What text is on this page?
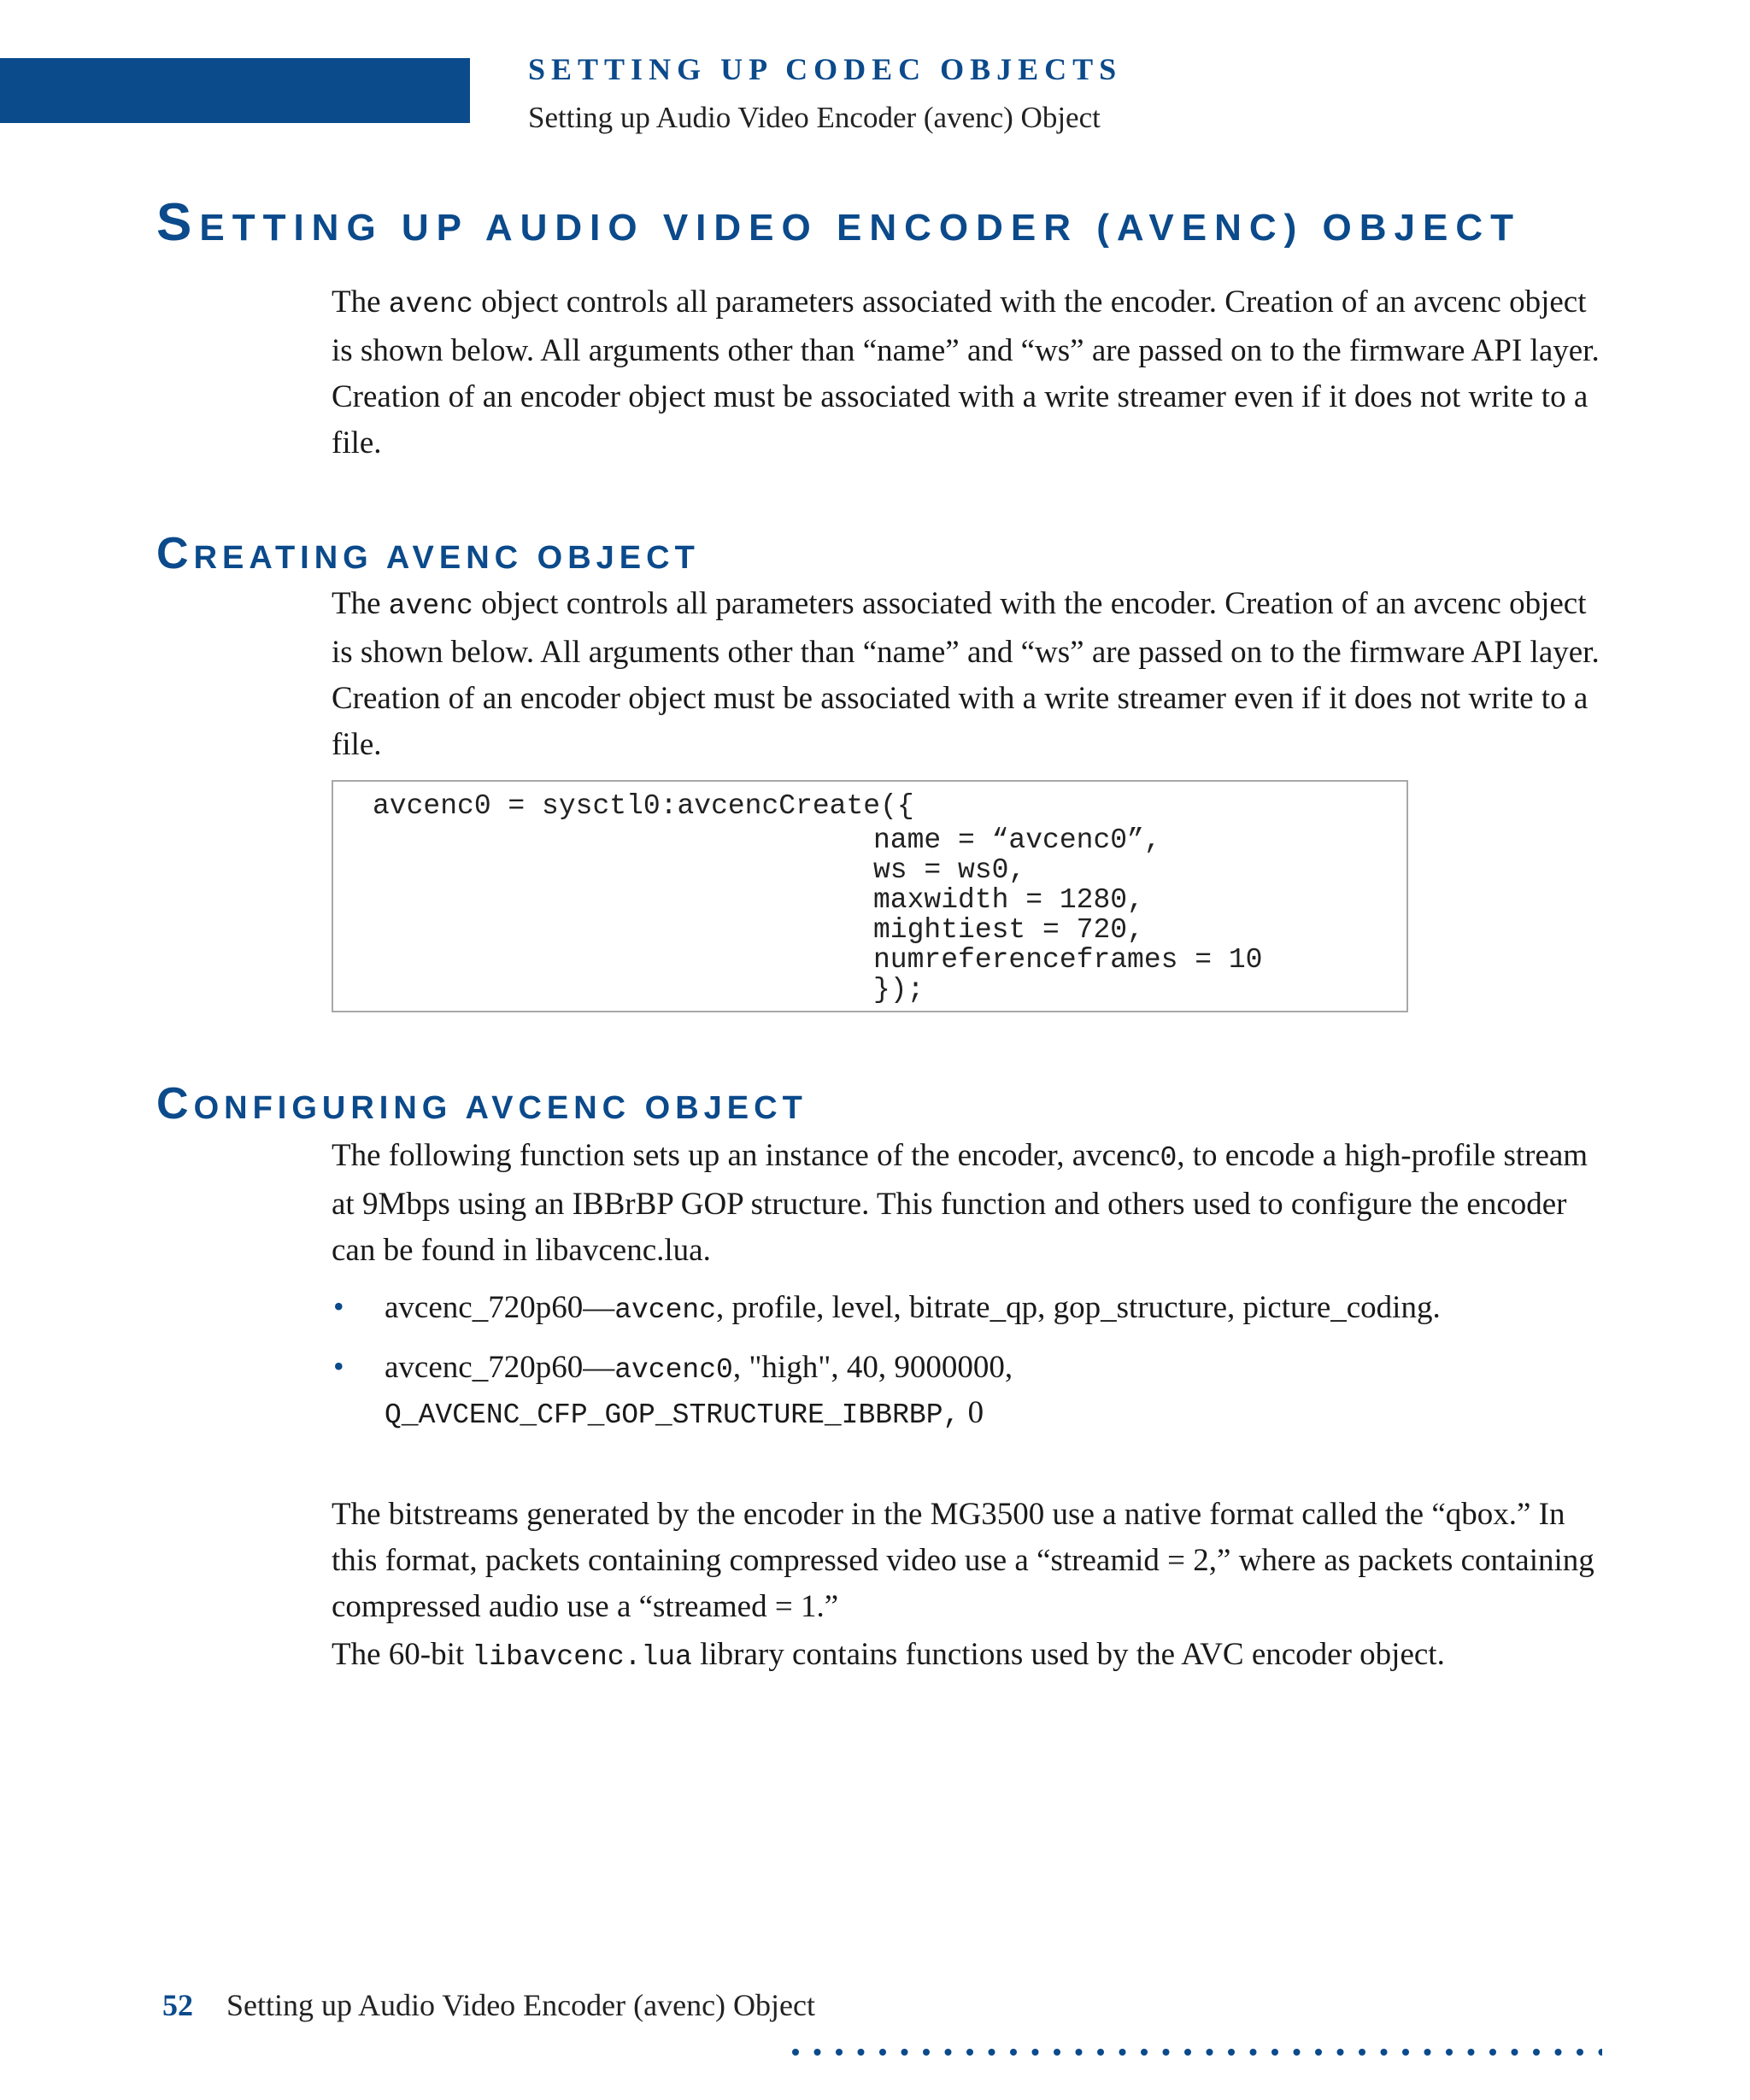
SETTING UP CODEC OBJECTS
Setting up Audio Video Encoder (avenc) Object
SETTING UP AUDIO VIDEO ENCODER (AVENC) OBJECT

The avenc object controls all parameters associated with the encoder. Creation of an avcenc object is shown below. All arguments other than “name” and “ws” are passed on to the firmware API layer. Creation of an encoder object must be associated with a write streamer even if it does not write to a file.

CREATING AVENC OBJECT

The avenc object controls all parameters associated with the encoder. Creation of an avcenc object is shown below. All arguments other than “name” and “ws” are passed on to the firmware API layer. Creation of an encoder object must be associated with a write streamer even if it does not write to a file.

avcenc0 = sysctl0:avcencCreate({
name = “avcenc0”,
ws = ws0,
maxwidth = 1280,
mightiest = 720,
numreferenceframes = 10
});
CONFIGURING AVCENC OBJECT

The following function sets up an instance of the encoder, avcenc0, to encode a high-profile stream at 9Mbps using an IBBrBP GOP structure. This function and others used to configure the encoder can be found in libavcenc.lua.

• avcenc_720p60—avcenc, profile, level, bitrate_qp, gop_structure, picture_coding.

• avcenc_720p60—avcenc0, "high", 40, 9000000,
Q_AVCENC_CFP_GOP_STRUCTURE_IBBRBP, 0

The bitstreams generated by the encoder in the MG3500 use a native format called the “qbox.” In this format, packets containing compressed video use a “streamid = 2,” where as packets containing compressed audio use a “streamed = 1.”

The 60-bit libavcenc.lua library contains functions used by the AVC encoder object.

52 Setting up Audio Video Encoder (avenc) Object
